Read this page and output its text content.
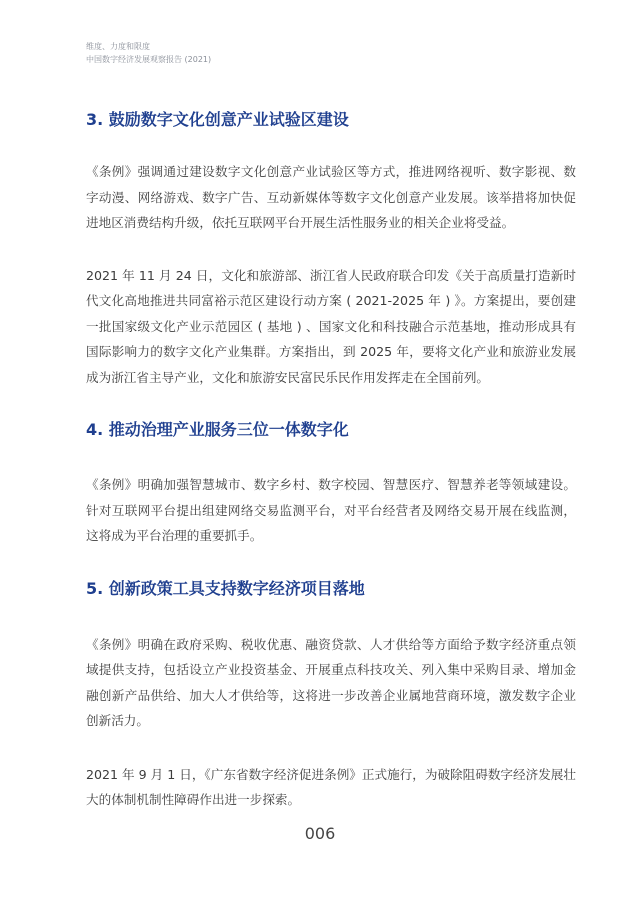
维度、力度和限度
中国数字经济发展观察报告 (2021)
3. 鼓励数字文化创意产业试验区建设

《条例》强调通过建设数字文化创意产业试验区等方式，推进网络视听、数字影视、数字动漫、网络游戏、数字广告、互动新媒体等数字文化创意产业发展。该举措将加快促进地区消费结构升级，依托互联网平台开展生活性服务业的相关企业将受益。

2021 年 11 月 24 日，文化和旅游部、浙江省人民政府联合印发《关于高质量打造新时代文化高地推进共同富裕示范区建设行动方案 ( 2021-2025 年 ) 》。方案提出，要创建一批国家级文化产业示范园区 ( 基地 ) 、国家文化和科技融合示范基地，推动形成具有国际影响力的数字文化产业集群。方案指出，到 2025 年，要将文化产业和旅游业发展成为浙江省主导产业，文化和旅游安民富民乐民作用发挥走在全国前列。

4. 推动治理产业服务三位一体数字化

《条例》明确加强智慧城市、数字乡村、数字校园、智慧医疗、智慧养老等领域建设。针对互联网平台提出组建网络交易监测平台，对平台经营者及网络交易开展在线监测，这将成为平台治理的重要抓手。

5. 创新政策工具支持数字经济项目落地

《条例》明确在政府采购、税收优惠、融资贷款、人才供给等方面给予数字经济重点领域提供支持，包括设立产业投资基金、开展重点科技攻关、列入集中采购目录、增加金融创新产品供给、加大人才供给等，这将进一步改善企业属地营商环境，激发数字企业创新活力。

2021 年 9 月 1 日，《广东省数字经济促进条例》正式施行，为破除阻碍数字经济发展壮大的体制机制性障碍作出进一步探索。

006
